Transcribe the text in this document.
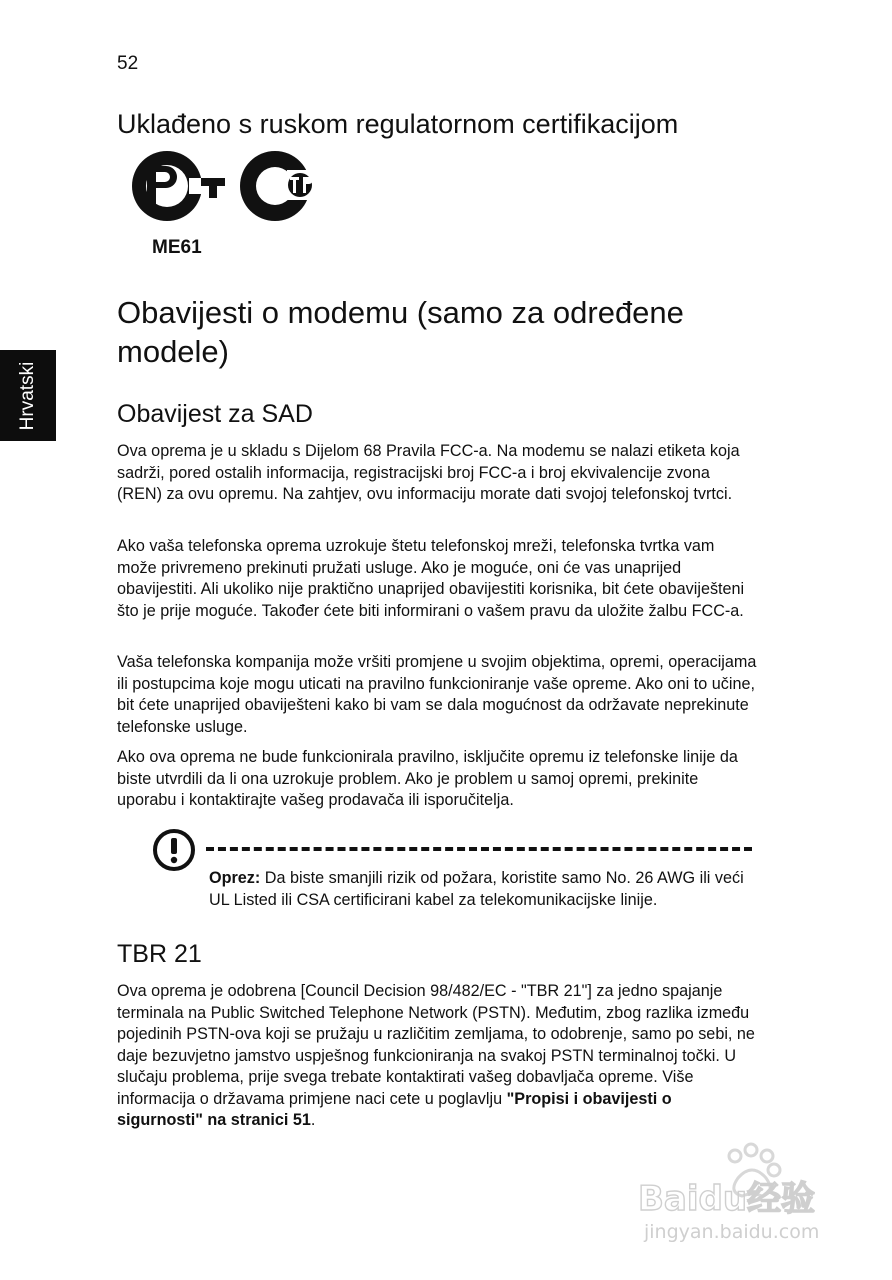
52
Hrvatski
Uklađeno s ruskom regulatornom certifikacijom
ME61
Obavijesti o modemu (samo za određene modele)
Obavijest za SAD

Ova oprema je u skladu s Dijelom 68 Pravila FCC-a. Na modemu se nalazi etiketa koja sadrži, pored ostalih informacija, registracijski broj FCC-a i broj ekvivalencije zvona (REN) za ovu opremu. Na zahtjev, ovu informaciju morate dati svojoj telefonskoj tvrtci.

Ako vaša telefonska oprema uzrokuje štetu telefonskoj mreži, telefonska tvrtka vam može privremeno prekinuti pružati usluge. Ako je moguće, oni će vas unaprijed obavijestiti. Ali ukoliko nije praktično unaprijed obavijestiti korisnika, bit ćete obaviješteni što je prije moguće. Također ćete biti informirani o vašem pravu da uložite žalbu FCC-a.

Vaša telefonska kompanija može vršiti promjene u svojim objektima, opremi, operacijama ili postupcima koje mogu uticati na pravilno funkcioniranje vaše opreme. Ako oni to učine, bit ćete unaprijed obaviješteni kako bi vam se dala mogućnost da održavate neprekinute telefonske usluge.

Ako ova oprema ne bude funkcionirala pravilno, isključite opremu iz telefonske linije da biste utvrdili da li ona uzrokuje problem. Ako je problem u samoj opremi, prekinite uporabu i kontaktirajte vašeg prodavača ili isporučitelja.

Oprez: Da biste smanjili rizik od požara, koristite samo No. 26 AWG ili veći UL Listed ili CSA certificirani kabel za telekomunikacijske linije.

TBR 21

Ova oprema je odobrena [Council Decision 98/482/EC - "TBR 21"] za jedno spajanje terminala na Public Switched Telephone Network (PSTN). Međutim, zbog razlika između pojedinih PSTN-ova koji se pružaju u različitim zemljama, to odobrenje, samo po sebi, ne daje bezuvjetno jamstvo uspješnog funkcioniranja na svakoj PSTN terminalnoj točki. U slučaju problema, prije svega trebate kontaktirati vašeg dobavljača opreme. Više informacija o državama primjene naci cete u poglavlju "Propisi i obavijesti o sigurnosti" na stranici 51.

Baidu经验
jingyan.baidu.com
